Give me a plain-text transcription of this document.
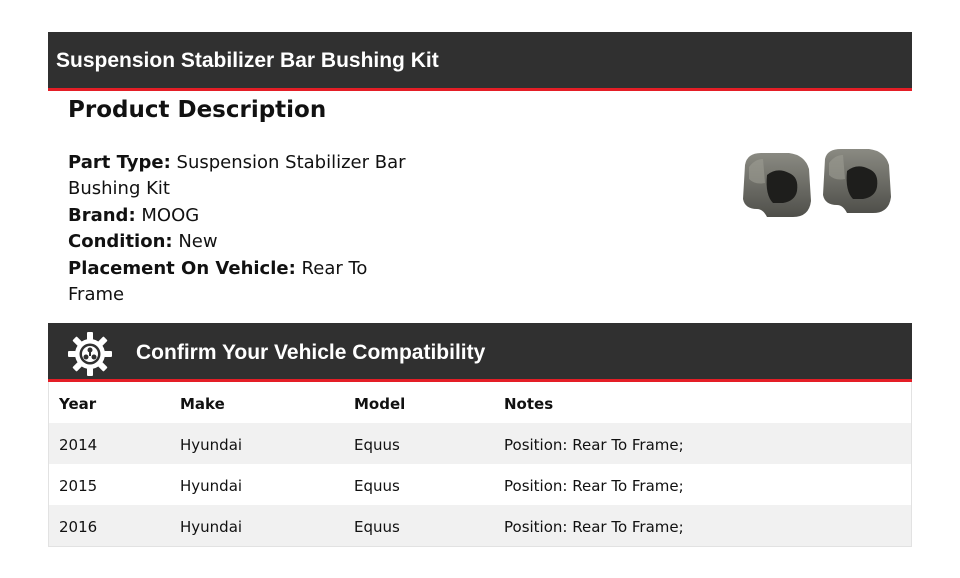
Suspension Stabilizer Bar Bushing Kit
Product Description
Part Type: Suspension Stabilizer Bar Bushing Kit
Brand: MOOG
Condition: New
Placement On Vehicle: Rear To Frame
Confirm Your Vehicle Compatibility
Year	Make	Model	Notes
2014	Hyundai	Equus	Position: Rear To Frame;
2015	Hyundai	Equus	Position: Rear To Frame;
2016	Hyundai	Equus	Position: Rear To Frame;
